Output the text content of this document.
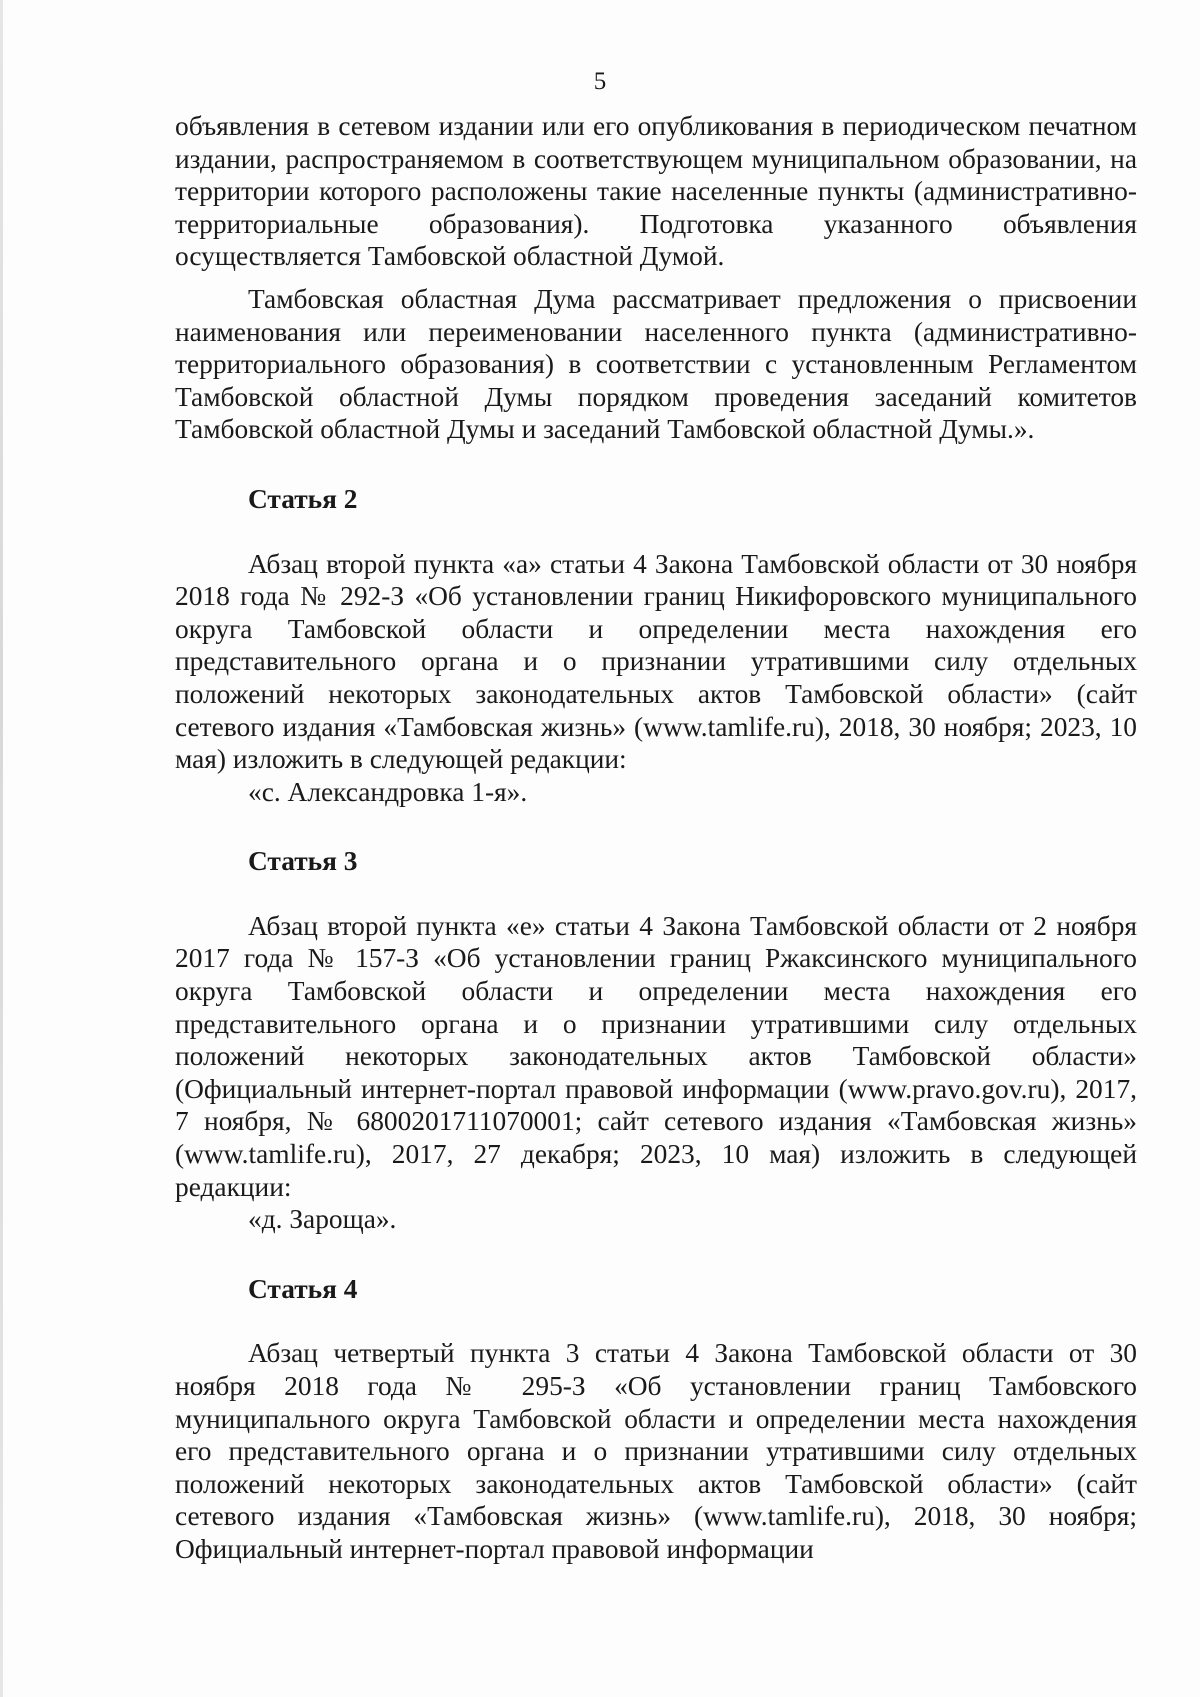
5

объявления в сетевом издании или его опубликования в периодическом печатном издании, распространяемом в соответствующем муниципальном образовании, на территории которого расположены такие населенные пункты (административно-территориальные образования). Подготовка указанного объявления осуществляется Тамбовской областной Думой.

Тамбовская областная Дума рассматривает предложения о присвоении наименования или переименовании населенного пункта (административно-территориального образования) в соответствии с установленным Регламентом Тамбовской областной Думы порядком проведения заседаний комитетов Тамбовской областной Думы и заседаний Тамбовской областной Думы.».

Статья 2

Абзац второй пункта «а» статьи 4 Закона Тамбовской области от 30 ноября 2018 года № 292-З «Об установлении границ Никифоровского муниципального округа Тамбовской области и определении места нахождения его представительного органа и о признании утратившими силу отдельных положений некоторых законодательных актов Тамбовской области» (сайт сетевого издания «Тамбовская жизнь» (www.tamlife.ru), 2018, 30 ноября; 2023, 10 мая) изложить в следующей редакции:

«с. Александровка 1-я».

Статья 3

Абзац второй пункта «е» статьи 4 Закона Тамбовской области от 2 ноября 2017 года № 157-З «Об установлении границ Ржаксинского муниципального округа Тамбовской области и определении места нахождения его представительного органа и о признании утратившими силу отдельных положений некоторых законодательных актов Тамбовской области» (Официальный интернет-портал правовой информации (www.pravo.gov.ru), 2017, 7 ноября, № 6800201711070001; сайт сетевого издания «Тамбовская жизнь» (www.tamlife.ru), 2017, 27 декабря; 2023, 10 мая) изложить в следующей редакции:

«д. Зароща».

Статья 4

Абзац четвертый пункта 3 статьи 4 Закона Тамбовской области от 30 ноября 2018 года № 295-З «Об установлении границ Тамбовского муниципального округа Тамбовской области и определении места нахождения его представительного органа и о признании утратившими силу отдельных положений некоторых законодательных актов Тамбовской области» (сайт сетевого издания «Тамбовская жизнь» (www.tamlife.ru), 2018, 30 ноября; Официальный интернет-портал правовой информации
